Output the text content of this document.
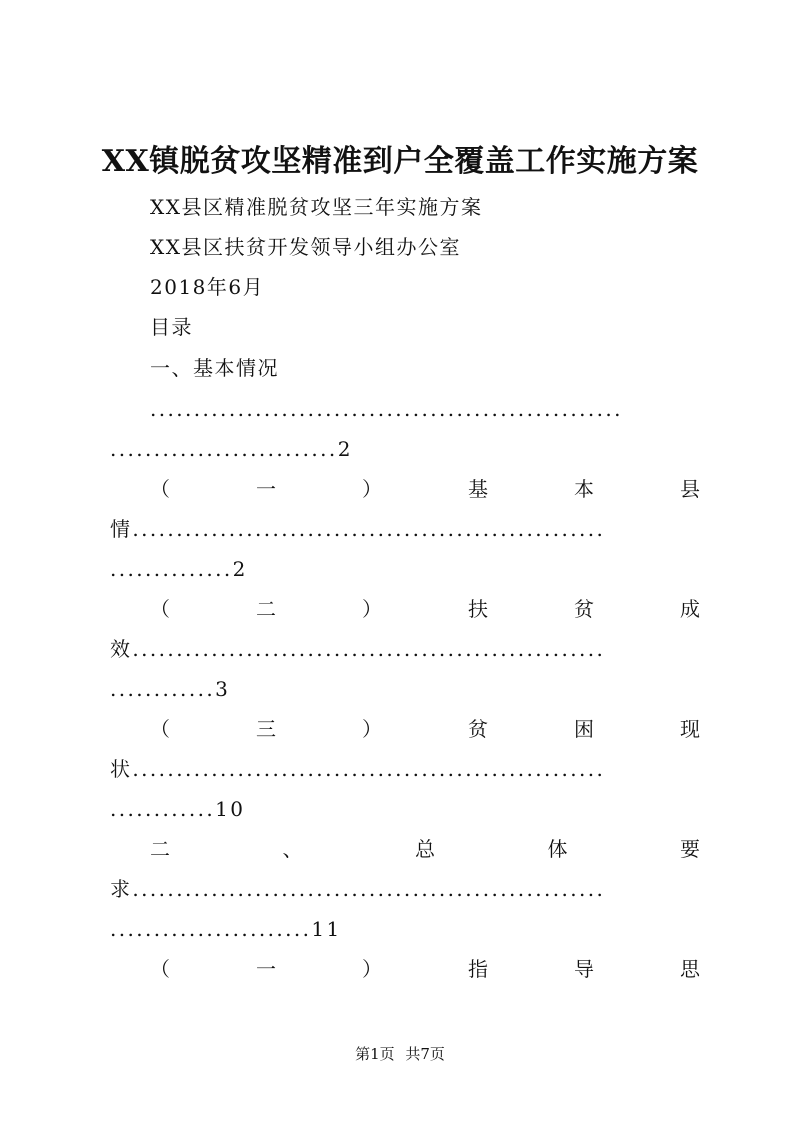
XX镇脱贫攻坚精准到户全覆盖工作实施方案
XX县区精准脱贫攻坚三年实施方案
XX县区扶贫开发领导小组办公室
2018年6月
目录
一、基本情况
......................................................
..........................2
（	一	）	基	本	县
情......................................................
..............2
（	二	）	扶	贫	成
效......................................................
............3
（	三	）	贫	困	现
状......................................................
............10
二	、	总	体	要
求......................................................
.......................11
（	一	）	指	导	思
第1页 共7页
